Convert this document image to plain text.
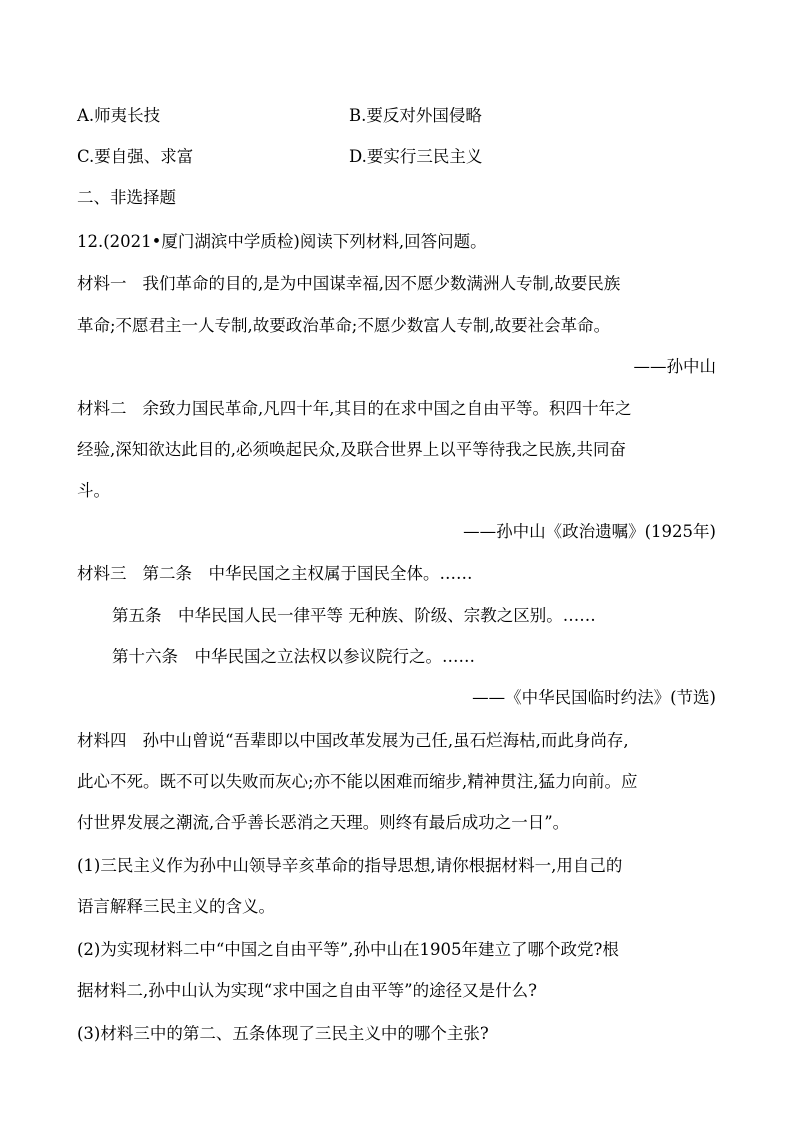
A.师夷长技	B.要反对外国侵略
C.要自强、求富	D.要实行三民主义
二、非选择题
12.(2021•厦门湖滨中学质检)阅读下列材料,回答问题。
材料一 我们革命的目的,是为中国谋幸福,因不愿少数满洲人专制,故要民族
革命;不愿君主一人专制,故要政治革命;不愿少数富人专制,故要社会革命。
——孙中山
材料二 余致力国民革命,凡四十年,其目的在求中国之自由平等。积四十年之
经验,深知欲达此目的,必须唤起民众,及联合世界上以平等待我之民族,共同奋
斗。
——孙中山《政治遗嘱》(1925年)
材料三 第二条　中华民国之主权属于国民全体。……
第五条　中华民国人民一律平等 无种族、阶级、宗教之区别。……
第十六条　中华民国之立法权以参议院行之。……
——《中华民国临时约法》(节选)
材料四 孙中山曾说“吾辈即以中国改革发展为己任,虽石烂海枯,而此身尚存,
此心不死。既不可以失败而灰心;亦不能以困难而缩步,精神贯注,猛力向前。应
付世界发展之潮流,合乎善长恶消之天理。则终有最后成功之一日”。
(1)三民主义作为孙中山领导辛亥革命的指导思想,请你根据材料一,用自己的
语言解释三民主义的含义。
(2)为实现材料二中“中国之自由平等”,孙中山在1905年建立了哪个政党?根
据材料二,孙中山认为实现“求中国之自由平等”的途径又是什么?
(3)材料三中的第二、五条体现了三民主义中的哪个主张?
